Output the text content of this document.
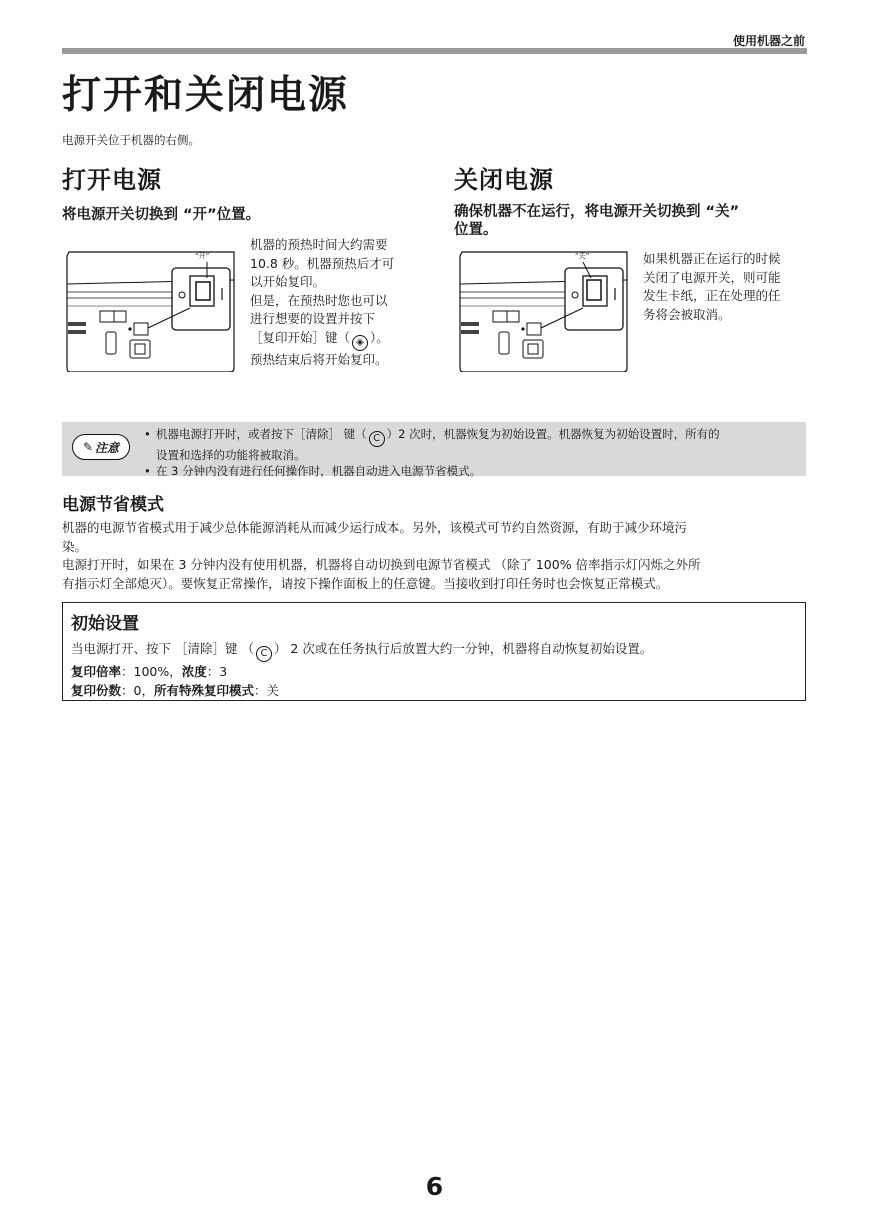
使用机器之前
打开和关闭电源
电源开关位于机器的右侧。
打开电源
将电源开关切换到 “开”位置。
“开”
机器的预热时间大约需要
10.8 秒。机器预热后才可
以开始复印。
但是，在预热时您也可以
进行想要的设置并按下
［复印开始］键（ ◈ ）。
预热结束后将开始复印。
关闭电源
确保机器不在运行，将电源开关切换到 “关”
位置。
“关”	如果机器正在运行的时候
关闭了电源开关，则可能
发生卡纸，正在处理的任
务将会被取消。
✎ 注意
• 机器电源打开时，或者按下［清除］ 键（ C ）2 次时，机器恢复为初始设置。机器恢复为初始设置时，所有的
设置和选择的功能将被取消。
• 在 3 分钟内没有进行任何操作时，机器自动进入电源节省模式。
电源节省模式
机器的电源节省模式用于减少总体能源消耗从而减少运行成本。另外，该模式可节约自然资源，有助于减少环境污
染。
电源打开时，如果在 3 分钟内没有使用机器，机器将自动切换到电源节省模式 （除了 100% 倍率指示灯闪烁之外所
有指示灯全部熄灭）。要恢复正常操作，请按下操作面板上的任意键。当接收到打印任务时也会恢复正常模式。
初始设置
当电源打开、按下 ［清除］键 （ C ） 2 次或在任务执行后放置大约一分钟，机器将自动恢复初始设置。
复印倍率：100%，浓度：3
复印份数：0，所有特殊复印模式：关
6
